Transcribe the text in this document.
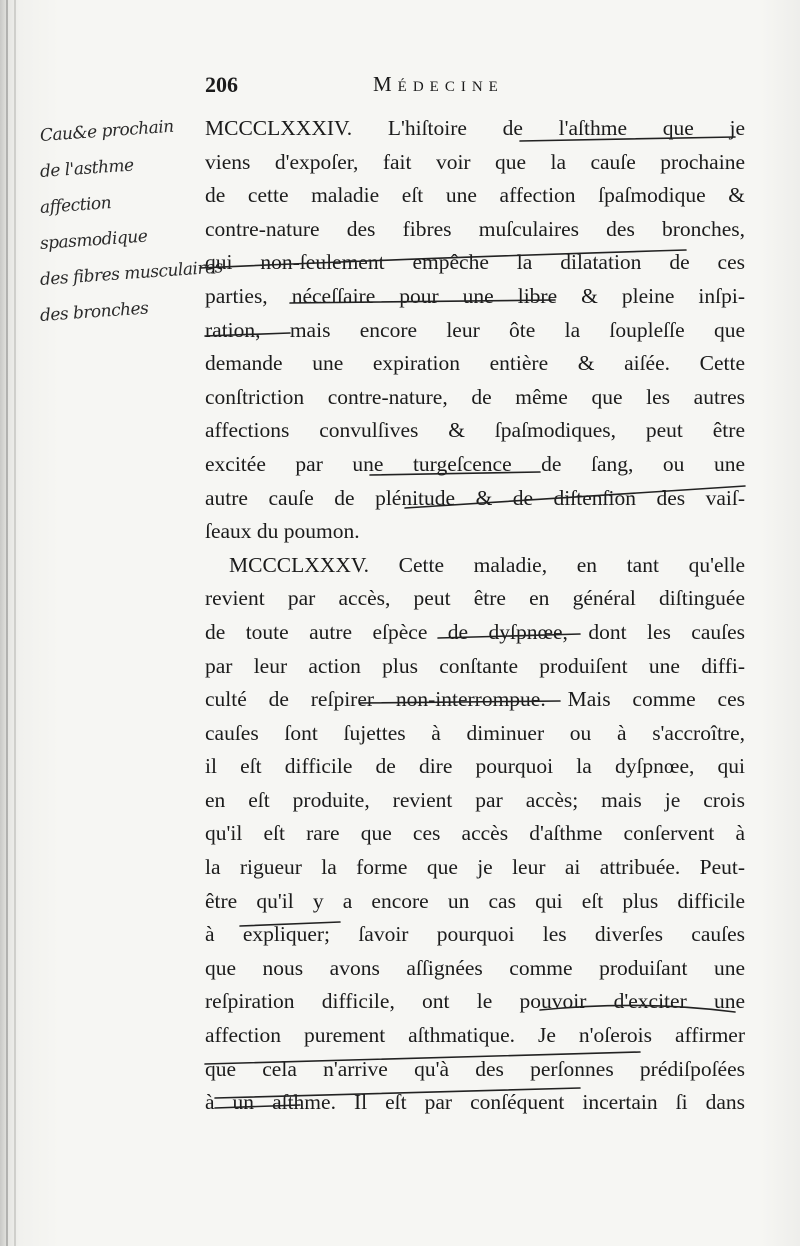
206	Médecine
Cau&e prochain
de l'asthme
affection
spasmodique
des fibres musculaires
des bronches
MCCCLXXXIV. L'hiſtoire de l'aſthme que je
viens d'expoſer, fait voir que la cauſe prochaine
de cette maladie eſt une affection ſpaſmodique &
contre-nature des fibres muſculaires des bronches,
qui non-ſeulement empêche la dilatation de ces
parties, néceſſaire pour une libre & pleine inſpi-
ration, mais encore leur ôte la ſoupleſſe que
demande une expiration entière & aiſée. Cette
conſtriction contre-nature, de même que les autres
affections convulſives & ſpaſmodiques, peut être
excitée par une turgeſcence de ſang, ou une
autre cauſe de plénitude & de diſtenſion des vaiſ-
ſeaux du poumon.
MCCCLXXXV. Cette maladie, en tant qu'elle
revient par accès, peut être en général diſtinguée
de toute autre eſpèce de dyſpnœe, dont les cauſes
par leur action plus conſtante produiſent une diffi-
culté de reſpirer non-interrompue. Mais comme ces
cauſes ſont ſujettes à diminuer ou à s'accroître,
il eſt difficile de dire pourquoi la dyſpnœe, qui
en eſt produite, revient par accès; mais je crois
qu'il eſt rare que ces accès d'aſthme conſervent à
la rigueur la forme que je leur ai attribuée. Peut-
être qu'il y a encore un cas qui eſt plus difficile
à expliquer; ſavoir pourquoi les diverſes cauſes
que nous avons aſſignées comme produiſant une
reſpiration difficile, ont le pouvoir d'exciter une
affection purement aſthmatique. Je n'oſerois affirmer
que cela n'arrive qu'à des perſonnes prédiſpoſées
à un aſthme. Il eſt par conſéquent incertain ſi dans
